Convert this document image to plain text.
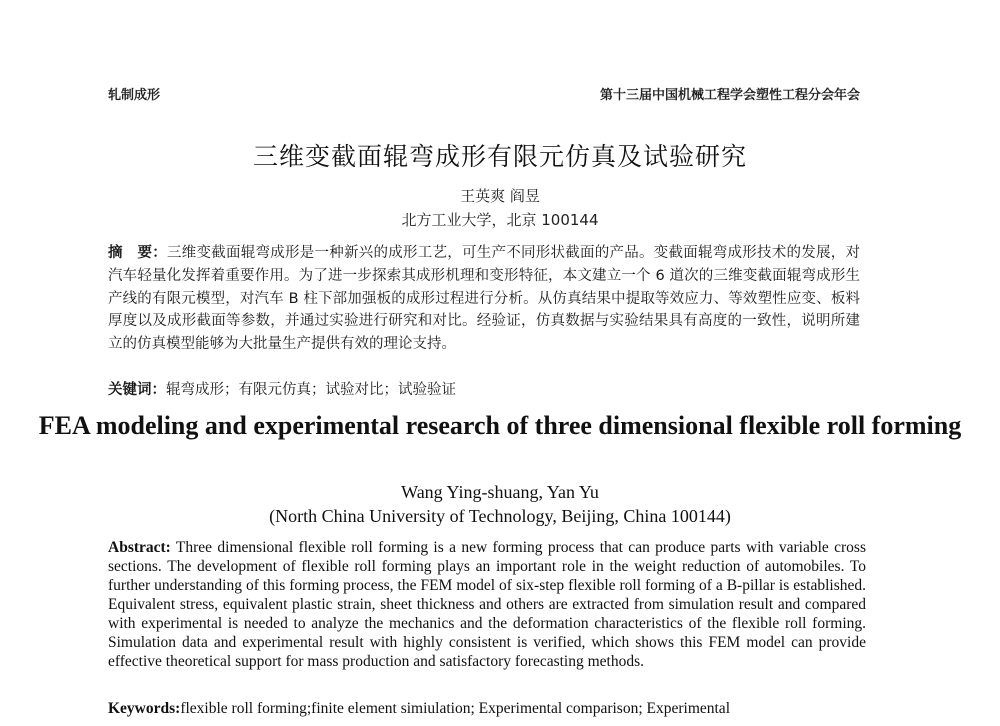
轧制成形	第十三届中国机械工程学会塑性工程分会年会
三维变截面辊弯成形有限元仿真及试验研究
王英爽 阎昱
北方工业大学，北京 100144
摘　要：三维变截面辊弯成形是一种新兴的成形工艺，可生产不同形状截面的产品。变截面辊弯成形技术的发展，对汽车轻量化发挥着重要作用。为了进一步探索其成形机理和变形特征，本文建立一个 6 道次的三维变截面辊弯成形生产线的有限元模型，对汽车 B 柱下部加强板的成形过程进行分析。从仿真结果中提取等效应力、等效塑性应变、板料厚度以及成形截面等参数，并通过实验进行研究和对比。经验证，仿真数据与实验结果具有高度的一致性，说明所建立的仿真模型能够为大批量生产提供有效的理论支持。
关键词：辊弯成形；有限元仿真；试验对比；试验验证
FEA modeling and experimental research of three dimensional flexible roll forming
Wang Ying-shuang, Yan Yu
(North China University of Technology, Beijing, China 100144)
Abstract: Three dimensional flexible roll forming is a new forming process that can produce parts with variable cross sections. The development of flexible roll forming plays an important role in the weight reduction of automobiles. To further understanding of this forming process, the FEM model of six-step flexible roll forming of a B-pillar is established. Equivalent stress, equivalent plastic strain, sheet thickness and others are extracted from simulation result and compared with experimental is needed to analyze the mechanics and the deformation characteristics of the flexible roll forming. Simulation data and experimental result with highly consistent is verified, which shows this FEM model can provide effective theoretical support for mass production and satisfactory forecasting methods.
Keywords:flexible roll forming;finite element simiulation; Experimental comparison; Experimental
